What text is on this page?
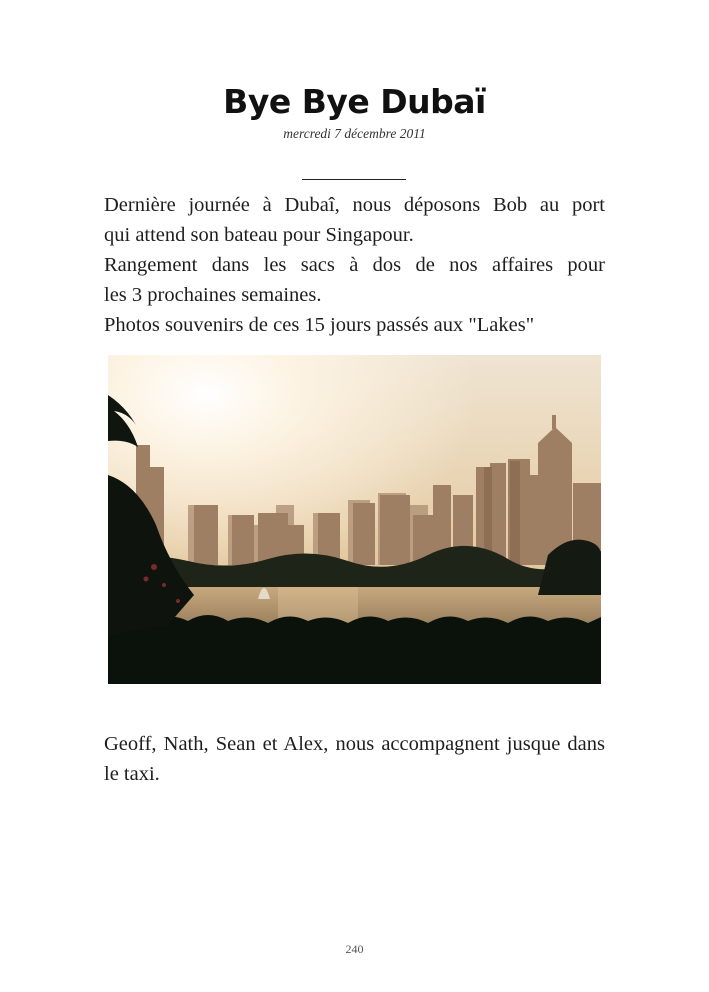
Bye Bye Dubaï
mercredi 7 décembre 2011

Dernière journée à Dubaî, nous déposons Bob au port
qui attend son bateau pour Singapour.
Rangement dans les sacs à dos de nos affaires pour
les 3 prochaines semaines.
Photos souvenirs de ces 15 jours passés aux "Lakes"

Geoff, Nath, Sean et Alex, nous accompagnent jusque dans le taxi.

240
